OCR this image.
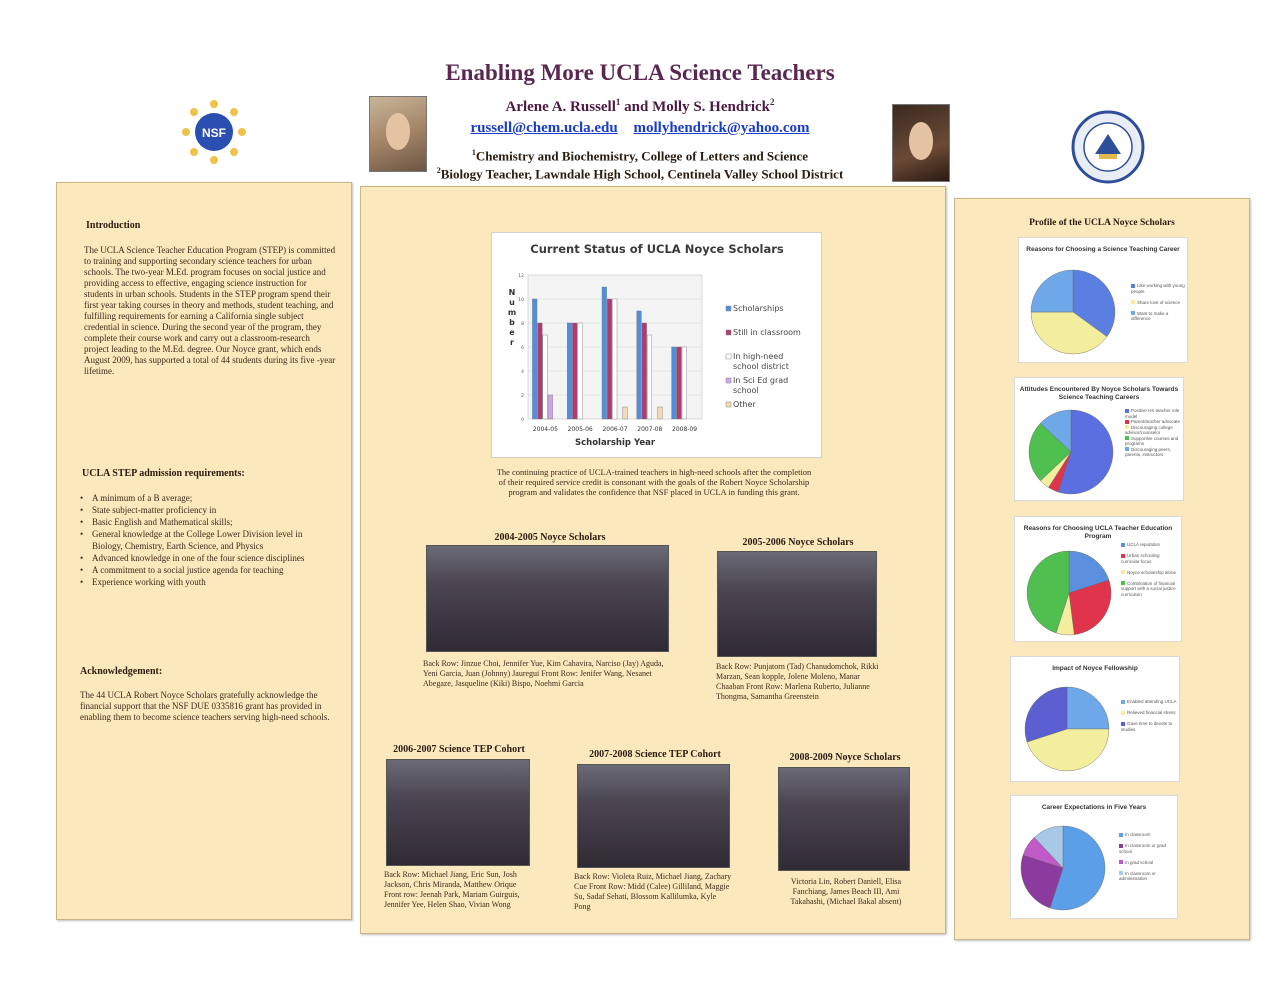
Enabling More UCLA Science Teachers
Arlene A. Russell$^1$ and Molly S. Hendrick$^2$
russell@chem.ucla.edu mollyhendrick@yahoo.com
$^1$Chemistry and Biochemistry, College of Letters and Science
$^2$Biology Teacher, Lawndale High School, Centinela Valley School District
NSF
Introduction
The UCLA Science Teacher Education Program (STEP) is committed to training and supporting secondary science teachers for urban schools. The two-year M.Ed. program focuses on social justice and providing access to effective, engaging science instruction for students in urban schools. Students in the STEP program spend their first year taking courses in theory and methods, student teaching, and fulfilling requirements for earning a California single subject credential in science. During the second year of the program, they complete their course work and carry out a classroom-research project leading to the M.Ed. degree. Our Noyce grant, which ends August 2009, has supported a total of 44 students during its five -year lifetime.
UCLA STEP admission requirements:
• A minimum of a B average;
• State subject-matter proficiency in
• Basic English and Mathematical skills;
• General knowledge at the College Lower Division level in Biology, Chemistry, Earth Science, and Physics
• Advanced knowledge in one of the four science disciplines
• A commitment to a social justice agenda for teaching
• Experience working with youth
Acknowledgement:
The 44 UCLA Robert Noyce Scholars gratefully acknowledge the financial support that the NSF DUE 0335816 grant has provided in enabling them to become science teachers serving high-need schools.
Current Status of UCLA Noyce Scholars
0
2
4
6
8
10
12
N
u
m
b
e
r
2004-05 2005-06 2006-07 2007-08 2008-09
Scholarship Year
Scholarships
Still in classroom
In high-need school district
In Sci Ed grad school
Other
The continuing practice of UCLA-trained teachers in high-need schools after the completion of their required service credit is consonant with the goals of the Robert Noyce Scholarship program and validates the confidence that NSF placed in UCLA in funding this grant.
2004-2005 Noyce Scholars
Back Row: Jinzue Choi, Jennifer Yue, Kim Cahavira, Narciso (Jay) Aguda, Yeni Garcia, Juan (Johnny) Jauregui Front Row: Jenifer Wang, Nesanet Abegaze, Jasqueline (Kiki) Bispo, Noehmi Garcia
2005-2006 Noyce Scholars
Back Row: Punjatorn (Tad) Chanudomchok, Rikki Marzan, Sean kopple, Jolene Moleno, Manar Chaaban Front Row: Marlena Ruberto, Julianne Thongma, Samantha Greenstein
2006-2007 Science TEP Cohort
Back Row: Michael Jiang, Eric Sun, Josh Jackson, Chris Miranda, Matthew Orique Front row: Jeenah Park, Mariam Guirguis, Jennifer Yee, Helen Shao, Vivian Wong
2007-2008 Science TEP Cohort
Back Row: Violeta Ruiz, Michael Jiang, Zachary Cue Front Row: Midd (Calee) Gilliland, Maggie Su, Sadaf Sehati, Blossom Kallilumka, Kyle Pong
2008-2009 Noyce Scholars
Victoria Lin, Robert Daniell, Elisa Fanchiang, James Beach III, Ami Takahashi, (Michael Bakal absent)
Profile of the UCLA Noyce Scholars
Reasons for Choosing a Science Teaching Career
Like working with young people

Share love of science

Want to make a difference
Attitudes Encountered By Noyce Scholars Towards Science Teaching Careers
Positive HS teacher role model
Parent/teacher advocate
Discouraging college advisor/counselor
Supportive courses and programs
Discouraging peers, parents, instructors
Reasons for Choosing UCLA Teacher Education Program
UCLA reputation

Urban schooling curricular focus

Noyce scholarship alone

Combination of financial support with a social justice curriculum
Impact of Noyce Fellowship
Enabled attending UCLA

Relieved financial stress

Gave time to devote to studies
Career Expectations in Five Years
In classroom

In classroom or grad school

In grad school

In classroom or administration
